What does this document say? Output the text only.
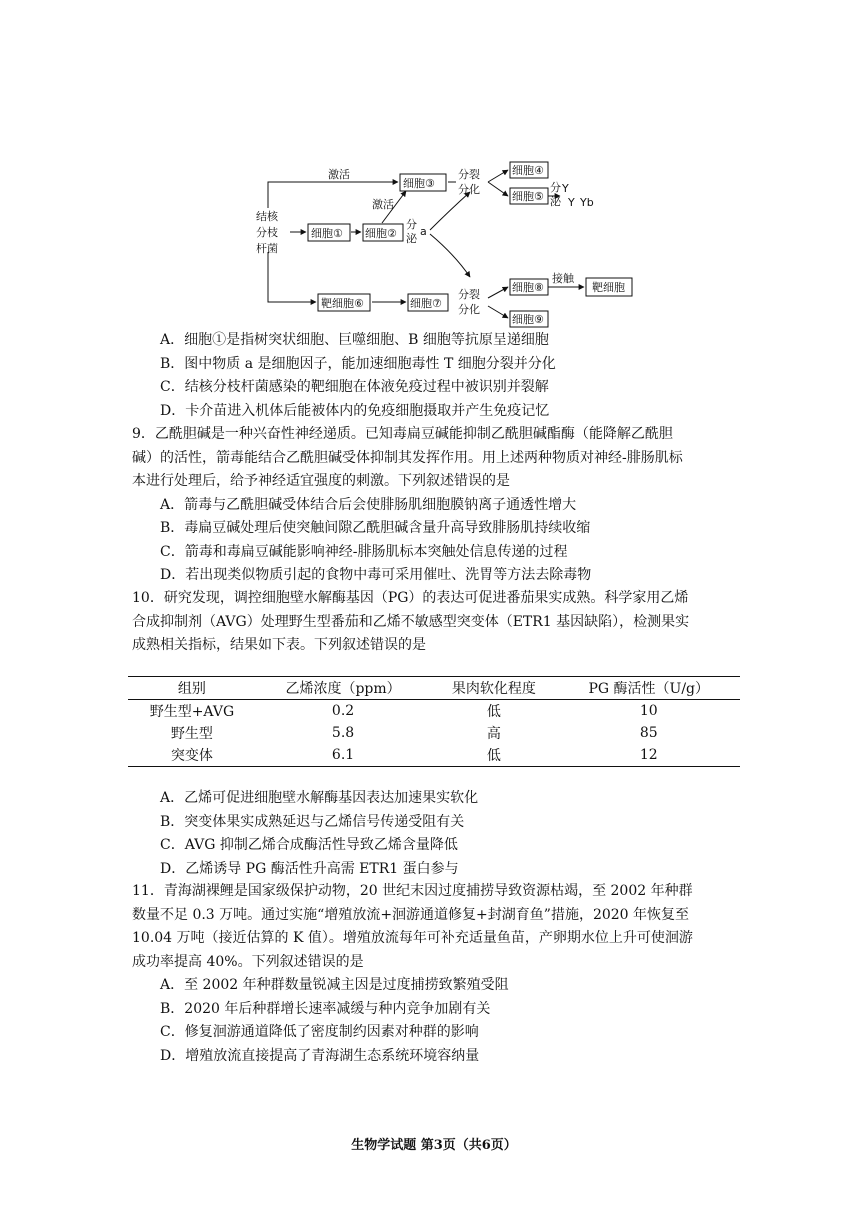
结核
分枝
杆菌
细胞③
细胞④
细胞⑤
细胞① 细胞②
靶细胞⑥	细胞⑦
细胞⑧
细胞⑨
靶细胞
激活
激活
分
泌
a
分裂
分化
分裂
分化
分
泌
Y
Y Yb
接触
A．细胞①是指树突状细胞、巨噬细胞、B 细胞等抗原呈递细胞
B．图中物质 a 是细胞因子，能加速细胞毒性 T 细胞分裂并分化
C．结核分枝杆菌感染的靶细胞在体液免疫过程中被识别并裂解
D．卡介苗进入机体后能被体内的免疫细胞摄取并产生免疫记忆
9．乙酰胆碱是一种兴奋性神经递质。已知毒扁豆碱能抑制乙酰胆碱酯酶（能降解乙酰胆
碱）的活性，箭毒能结合乙酰胆碱受体抑制其发挥作用。用上述两种物质对神经-腓肠肌标
本进行处理后，给予神经适宜强度的刺激。下列叙述错误的是
A．箭毒与乙酰胆碱受体结合后会使腓肠肌细胞膜钠离子通透性增大
B．毒扁豆碱处理后使突触间隙乙酰胆碱含量升高导致腓肠肌持续收缩
C．箭毒和毒扁豆碱能影响神经-腓肠肌标本突触处信息传递的过程
D．若出现类似物质引起的食物中毒可采用催吐、洗胃等方法去除毒物
10．研究发现，调控细胞壁水解酶基因（PG）的表达可促进番茄果实成熟。科学家用乙烯
合成抑制剂（AVG）处理野生型番茄和乙烯不敏感型突变体（ETR1 基因缺陷），检测果实
成熟相关指标，结果如下表。下列叙述错误的是
组别	乙烯浓度（ppm）	果肉软化程度	PG 酶活性（U/g）
野生型+AVG	0.2	低	10
野生型	5.8	高	85
突变体	6.1	低	12
A．乙烯可促进细胞壁水解酶基因表达加速果实软化
B．突变体果实成熟延迟与乙烯信号传递受阻有关
C．AVG 抑制乙烯合成酶活性导致乙烯含量降低
D．乙烯诱导 PG 酶活性升高需 ETR1 蛋白参与
11．青海湖裸鲤是国家级保护动物，20 世纪末因过度捕捞导致资源枯竭，至 2002 年种群
数量不足 0.3 万吨。通过实施“增殖放流+洄游通道修复+封湖育鱼”措施，2020 年恢复至
10.04 万吨（接近估算的 K 值）。增殖放流每年可补充适量鱼苗，产卵期水位上升可使洄游
成功率提高 40%。下列叙述错误的是
A．至 2002 年种群数量锐减主因是过度捕捞致繁殖受阻
B．2020 年后种群增长速率减缓与种内竞争加剧有关
C．修复洄游通道降低了密度制约因素对种群的影响
D．增殖放流直接提高了青海湖生态系统环境容纳量
生物学试题 第3页（共6页）
